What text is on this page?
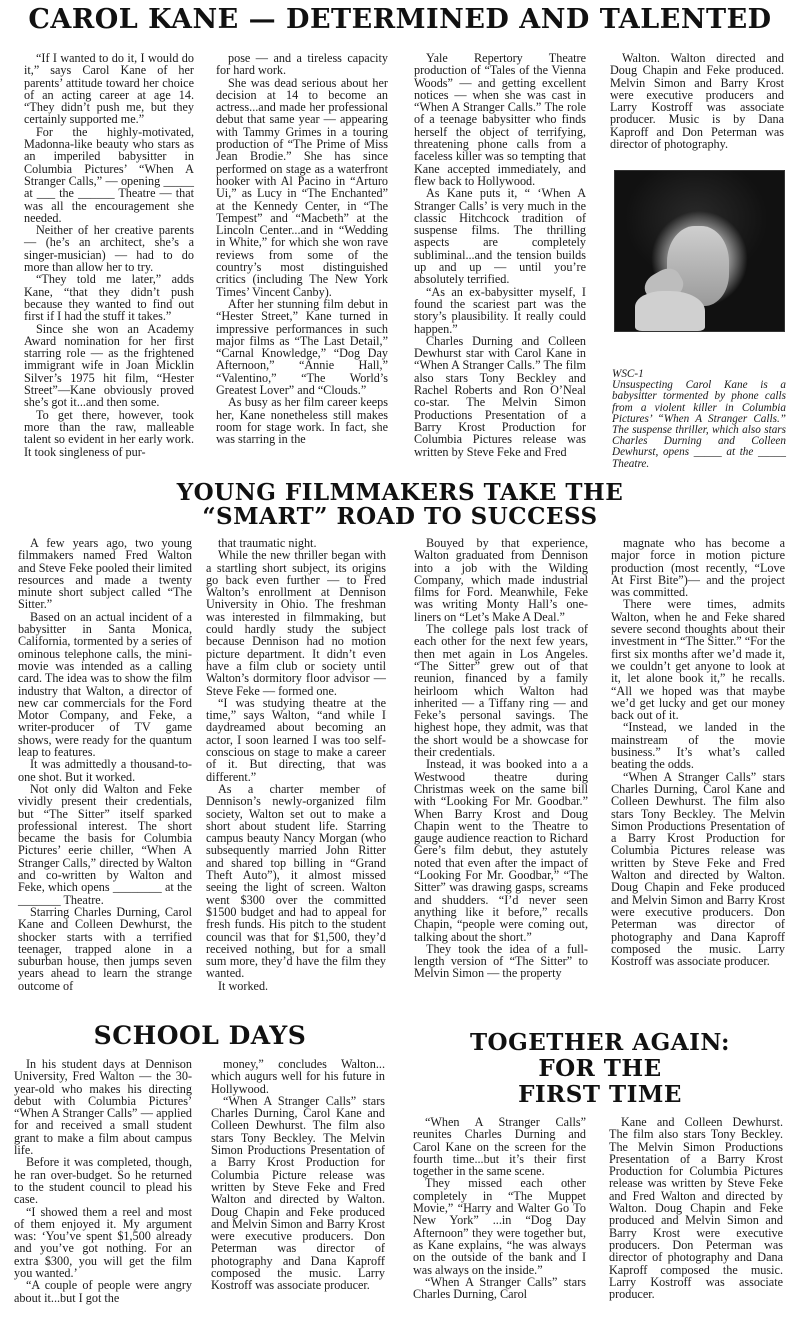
CAROL KANE — DETERMINED AND TALENTED

“If I wanted to do it, I would do it,” says Carol Kane of her parents’ attitude toward her choice of an acting career at age 14. “They didn’t push me, but they certainly supported me.”

For the highly-motivated, Madonna-like beauty who stars as an imperiled babysitter in Columbia Pictures’ “When A Stranger Calls,” — opening _____ at ___ the ______ Theatre — that was all the encouragement she needed.

Neither of her creative parents — (he’s an architect, she’s a singer-musician) — had to do more than allow her to try.

“They told me later,” adds Kane, “that they didn’t push because they wanted to find out first if I had the stuff it takes.”

Since she won an Academy Award nomination for her first starring role — as the frightened immigrant wife in Joan Micklin Silver’s 1975 hit film, “Hester Street”—Kane obviously proved she’s got it...and then some.

To get there, however, took more than the raw, malleable talent so evident in her early work. It took singleness of pur-

pose — and a tireless capacity for hard work.

She was dead serious about her decision at 14 to become an actress...and made her professional debut that same year — appearing with Tammy Grimes in a touring production of “The Prime of Miss Jean Brodie.” She has since performed on stage as a waterfront hooker with Al Pacino in “Arturo Ui,” as Lucy in “The Enchanted” at the Kennedy Center, in “The Tempest” and “Macbeth” at the Lincoln Center...and in “Wedding in White,” for which she won rave reviews from some of the country’s most distinguished critics (including The New York Times’ Vincent Canby).

After her stunning film debut in “Hester Street,” Kane turned in impressive performances in such major films as “The Last Detail,” “Carnal Knowledge,” “Dog Day Afternoon,” “Annie Hall,” “Valentino,” “The World’s Greatest Lover” and “Clouds.”

As busy as her film career keeps her, Kane nonetheless still makes room for stage work. In fact, she was starring in the

Yale Repertory Theatre production of “Tales of the Vienna Woods” — and getting excellent notices — when she was cast in “When A Stranger Calls.” The role of a teenage babysitter who finds herself the object of terrifying, threatening phone calls from a faceless killer was so tempting that Kane accepted immediately, and flew back to Hollywood.

As Kane puts it, “ ‘When A Stranger Calls’ is very much in the classic Hitchcock tradition of suspense films. The thrilling aspects are completely subliminal...and the tension builds up and up — until you’re absolutely terrified.

“As an ex-babysitter myself, I found the scariest part was the story’s plausibility. It really could happen.”

Charles Durning and Colleen Dewhurst star with Carol Kane in “When A Stranger Calls.” The film also stars Tony Beckley and Rachel Roberts and Ron O’Neal co-star. The Melvin Simon Productions Presentation of a Barry Krost Production for Columbia Pictures release was written by Steve Feke and Fred

Walton. Walton directed and Doug Chapin and Feke produced. Melvin Simon and Barry Krost were executive producers and Larry Kostroff was associate producer. Music is by Dana Kaproff and Don Peterman was director of photography.

WSC-1
Unsuspecting Carol Kane is a babysitter tormented by phone calls from a violent killer in Columbia Pictures’ “When A Stranger Calls.” The suspense thriller, which also stars Charles Durning and Colleen Dewhurst, opens _____ at the _____ Theatre.
YOUNG FILMMAKERS TAKE THE
“SMART” ROAD TO SUCCESS

A few years ago, two young filmmakers named Fred Walton and Steve Feke pooled their limited resources and made a twenty minute short subject called “The Sitter.”

Based on an actual incident of a babysitter in Santa Monica, California, tormented by a series of ominous telephone calls, the mini-movie was intended as a calling card. The idea was to show the film industry that Walton, a director of new car commercials for the Ford Motor Company, and Feke, a writer-producer of TV game shows, were ready for the quantum leap to features.

It was admittedly a thousand-to-one shot. But it worked.

Not only did Walton and Feke vividly present their credentials, but “The Sitter” itself sparked professional interest. The short became the basis for Columbia Pictures’ eerie chiller, “When A Stranger Calls,” directed by Walton and co-written by Walton and Feke, which opens ________ at the _______ Theatre.

Starring Charles Durning, Carol Kane and Colleen Dewhurst, the shocker starts with a terrified teenager, trapped alone in a suburban house, then jumps seven years ahead to learn the strange outcome of

that traumatic night.

While the new thriller began with a startling short subject, its origins go back even further — to Fred Walton’s enrollment at Dennison University in Ohio. The freshman was interested in filmmaking, but could hardly study the subject because Dennison had no motion picture department. It didn’t even have a film club or society until Walton’s dormitory floor advisor — Steve Feke — formed one.

“I was studying theatre at the time,” says Walton, “and while I daydreamed about becoming an actor, I soon learned I was too self-conscious on stage to make a career of it. But directing, that was different.”

As a charter member of Dennison’s newly-organized film society, Walton set out to make a short about student life. Starring campus beauty Nancy Morgan (who subsequently married John Ritter and shared top billing in “Grand Theft Auto”), it almost missed seeing the light of screen. Walton went $300 over the committed $1500 budget and had to appeal for fresh funds. His pitch to the student council was that for $1,500, they’d received nothing, but for a small sum more, they’d have the film they wanted.

It worked.

Bouyed by that experience, Walton graduated from Dennison into a job with the Wilding Company, which made industrial films for Ford. Meanwhile, Feke was writing Monty Hall’s one-liners on “Let’s Make A Deal.”

The college pals lost track of each other for the next few years, then met again in Los Angeles. “The Sitter” grew out of that reunion, financed by a family heirloom which Walton had inherited — a Tiffany ring — and Feke’s personal savings. The highest hope, they admit, was that the short would be a showcase for their credentials.

Instead, it was booked into a a Westwood theatre during Christmas week on the same bill with “Looking For Mr. Goodbar.” When Barry Krost and Doug Chapin went to the Theatre to gauge audience reaction to Richard Gere’s film debut, they astutely noted that even after the impact of “Looking For Mr. Goodbar,” “The Sitter” was drawing gasps, screams and shudders. “I’d never seen anything like it before,” recalls Chapin, “people were coming out, talking about the short.”

They took the idea of a full-length version of “The Sitter” to Melvin Simon — the property

magnate who has become a major force in motion picture production (most recently, “Love At First Bite”)— and the project was committed.

There were times, admits Walton, when he and Feke shared severe second thoughts about their investment in “The Sitter.” “For the first six months after we’d made it, we couldn’t get anyone to look at it, let alone book it,” he recalls. “All we hoped was that maybe we’d get lucky and get our money back out of it.

“Instead, we landed in the mainstream of the movie business.” It’s what’s called beating the odds.

“When A Stranger Calls” stars Charles Durning, Carol Kane and Colleen Dewhurst. The film also stars Tony Beckley. The Melvin Simon Productions Presentation of a Barry Krost Production for Columbia Pictures release was written by Steve Feke and Fred Walton and directed by Walton. Doug Chapin and Feke produced and Melvin Simon and Barry Krost were executive producers. Don Peterman was director of photography and Dana Kaproff composed the music. Larry Kostroff was associate producer.

SCHOOL DAYS

In his student days at Dennison University, Fred Walton — the 30-year-old who makes his directing debut with Columbia Pictures’ “When A Stranger Calls” — applied for and received a small student grant to make a film about campus life.

Before it was completed, though, he ran over-budget. So he returned to the student council to plead his case.

“I showed them a reel and most of them enjoyed it. My argument was: ‘You’ve spent $1,500 already and you’ve got nothing. For an extra $300, you will get the film you wanted.’

“A couple of people were angry about it...but I got the

money,” concludes Walton... which augurs well for his future in Hollywood.

“When A Stranger Calls” stars Charles Durning, Carol Kane and Colleen Dewhurst. The film also stars Tony Beckley. The Melvin Simon Productions Presentation of a Barry Krost Production for Columbia Picture release was written by Steve Feke and Fred Walton and directed by Walton. Doug Chapin and Feke produced and Melvin Simon and Barry Krost were executive producers. Don Peterman was director of photography and Dana Kaproff composed the music. Larry Kostroff was associate producer.

TOGETHER AGAIN:
FOR THE
FIRST TIME

“When A Stranger Calls” reunites Charles Durning and Carol Kane on the screen for the fourth time...but it’s their first together in the same scene.

They missed each other completely in “The Muppet Movie,” “Harry and Walter Go To New York” ...in “Dog Day Afternoon” they were together but, as Kane explains, “he was always on the outside of the bank and I was always on the inside.”

“When A Stranger Calls” stars Charles Durning, Carol

Kane and Colleen Dewhurst. The film also stars Tony Beckley. The Melvin Simon Productions Presentation of a Barry Krost Production for Columbia Pictures release was written by Steve Feke and Fred Walton and directed by Walton. Doug Chapin and Feke produced and Melvin Simon and Barry Krost were executive producers. Don Peterman was director of photography and Dana Kaproff composed the music. Larry Kostroff was associate producer.
